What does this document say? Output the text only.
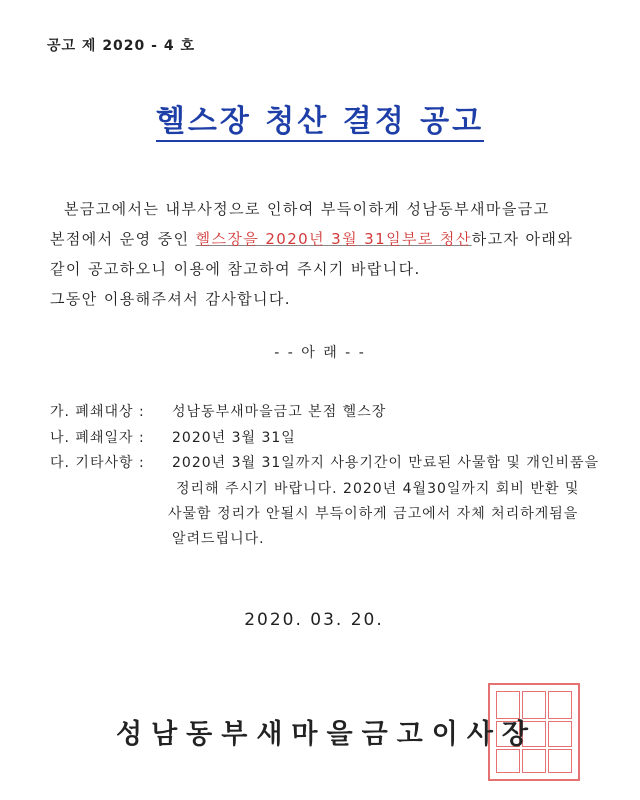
공고 제 2020 - 4 호
헬스장 청산 결정 공고
본금고에서는 내부사정으로 인하여 부득이하게 성남동부새마을금고
본점에서 운영 중인 헬스장을 2020년 3월 31일부로 청산하고자 아래와
같이 공고하오니 이용에 참고하여 주시기 바랍니다.
그동안 이용해주셔서 감사합니다.
- - 아 래 - -
가. 폐쇄대상 : 성남동부새마을금고 본점 헬스장
나. 폐쇄일자 : 2020년 3월 31일
다. 기타사항 : 2020년 3월 31일까지 사용기간이 만료된 사물함 및 개인비품을
정리해 주시기 바랍니다. 2020년 4월30일까지 회비 반환 및
사물함 정리가 안될시 부득이하게 금고에서 자체 처리하게됨을
알려드립니다.
2020. 03. 20.
성남동부새마을금고이사장
